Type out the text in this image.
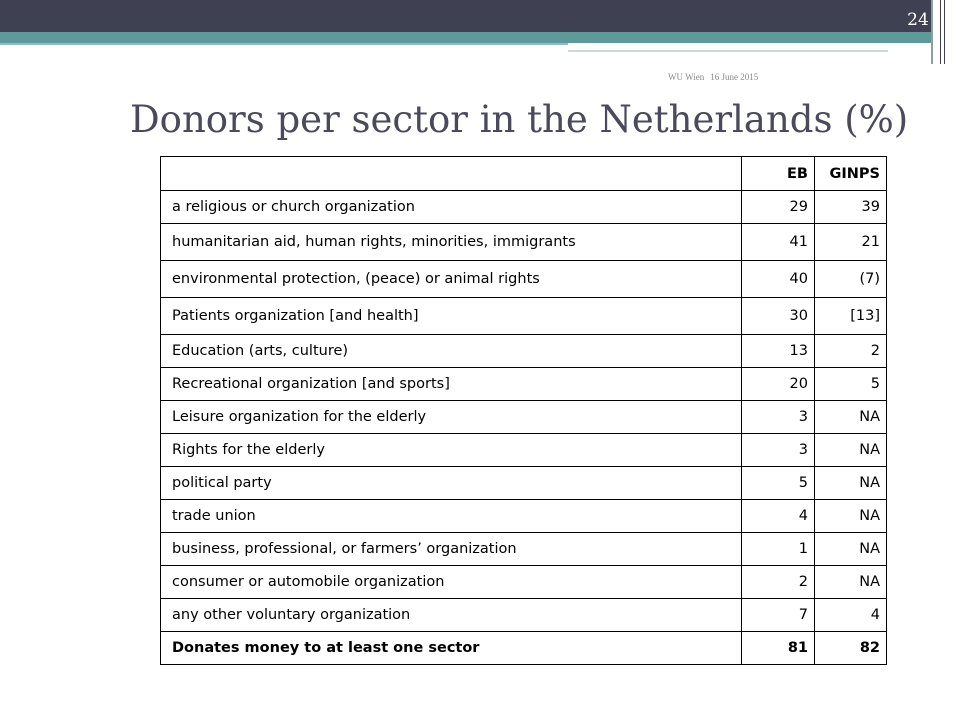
24
WU Wien 16 June 2015
Donors per sector in the Netherlands (%)
	EB	GINPS
a religious or church organization	29	39
humanitarian aid, human rights, minorities, immigrants	41	21
environmental protection, (peace) or animal rights	40	(7)
Patients organization [and health]	30	[13]
Education (arts, culture)	13	2
Recreational organization [and sports]	20	5
Leisure organization for the elderly	3	NA
Rights for the elderly	3	NA
political party	5	NA
trade union	4	NA
business, professional, or farmers’ organization	1	NA
consumer or automobile organization	2	NA
any other voluntary organization	7	4
Donates money to at least one sector	81	82
